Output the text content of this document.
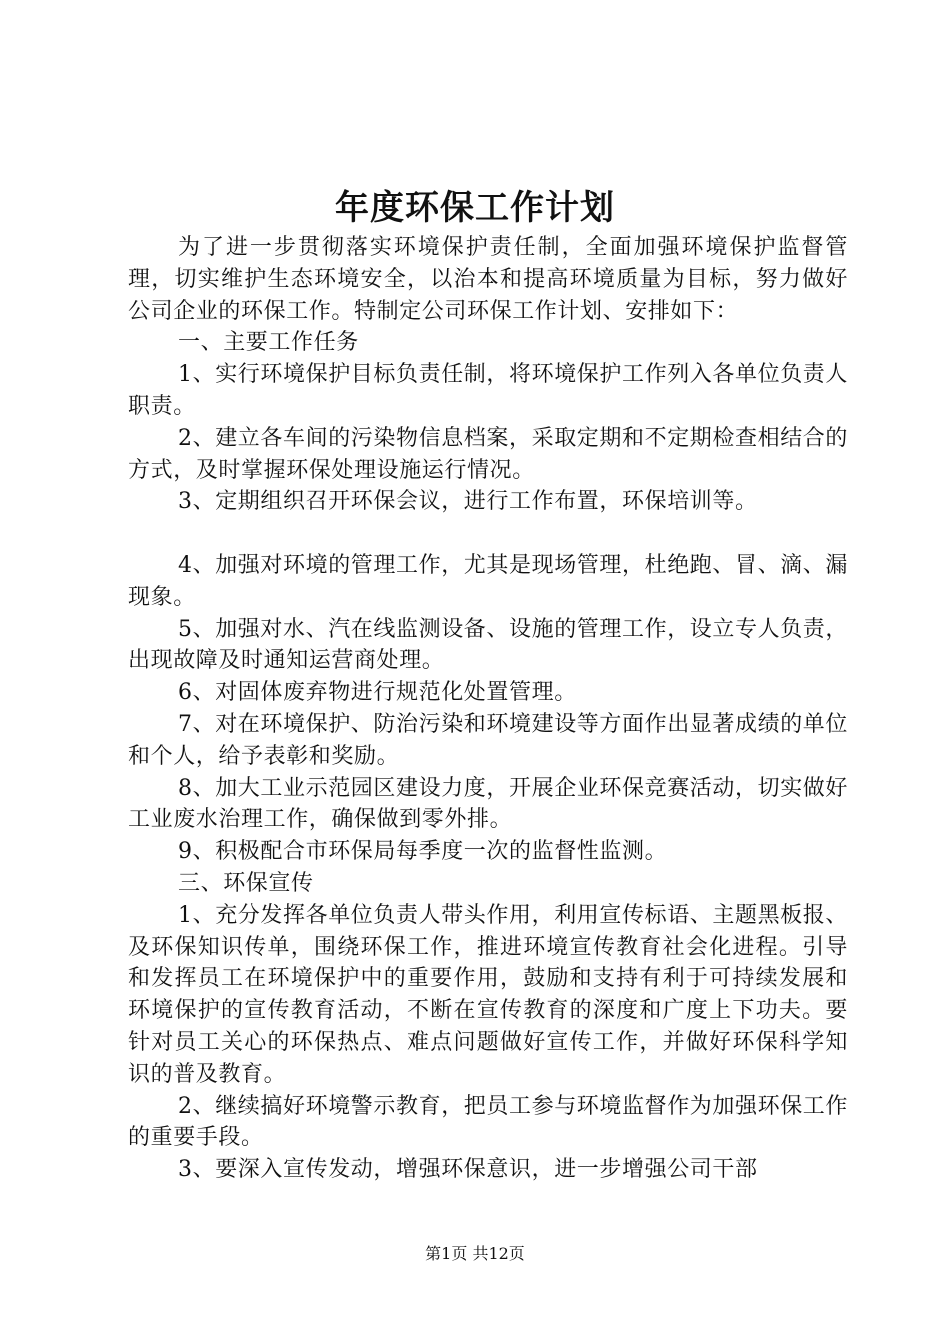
年度环保工作计划

为了进一步贯彻落实环境保护责任制，全面加强环境保护监督管理，切实维护生态环境安全，以治本和提高环境质量为目标，努力做好公司企业的环保工作。特制定公司环保工作计划、安排如下：

一、主要工作任务

1、实行环境保护目标负责任制，将环境保护工作列入各单位负责人职责。

2、建立各车间的污染物信息档案，采取定期和不定期检查相结合的方式，及时掌握环保处理设施运行情况。

3、定期组织召开环保会议，进行工作布置，环保培训等。

4、加强对环境的管理工作，尤其是现场管理，杜绝跑、冒、滴、漏现象。

5、加强对水、汽在线监测设备、设施的管理工作，设立专人负责，出现故障及时通知运营商处理。

6、对固体废弃物进行规范化处置管理。

7、对在环境保护、防治污染和环境建设等方面作出显著成绩的单位和个人，给予表彰和奖励。

8、加大工业示范园区建设力度，开展企业环保竞赛活动，切实做好工业废水治理工作，确保做到零外排。

9、积极配合市环保局每季度一次的监督性监测。

三、环保宣传

1、充分发挥各单位负责人带头作用，利用宣传标语、主题黑板报、及环保知识传单，围绕环保工作，推进环境宣传教育社会化进程。引导和发挥员工在环境保护中的重要作用，鼓励和支持有利于可持续发展和环境保护的宣传教育活动，不断在宣传教育的深度和广度上下功夫。要针对员工关心的环保热点、难点问题做好宣传工作，并做好环保科学知识的普及教育。

2、继续搞好环境警示教育，把员工参与环境监督作为加强环保工作的重要手段。

3、要深入宣传发动，增强环保意识，进一步增强公司干部

第1页 共12页
